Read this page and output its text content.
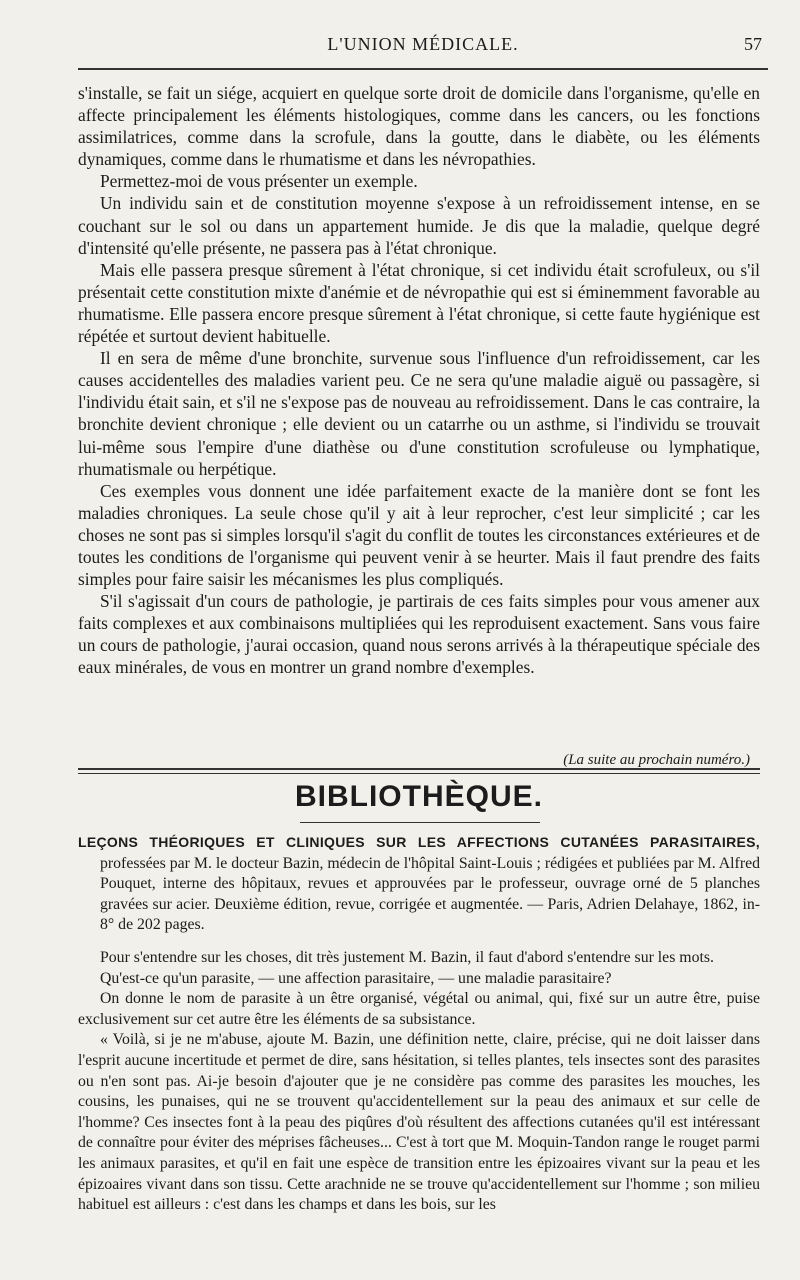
L'UNION MÉDICALE.	57

s'installe, se fait un siége, acquiert en quelque sorte droit de domicile dans l'organisme, qu'elle en affecte principalement les éléments histologiques, comme dans les cancers, ou les fonctions assimilatrices, comme dans la scrofule, dans la goutte, dans le diabète, ou les éléments dynamiques, comme dans le rhumatisme et dans les névropathies.

Permettez-moi de vous présenter un exemple.

Un individu sain et de constitution moyenne s'expose à un refroidissement intense, en se couchant sur le sol ou dans un appartement humide. Je dis que la maladie, quelque degré d'intensité qu'elle présente, ne passera pas à l'état chronique.

Mais elle passera presque sûrement à l'état chronique, si cet individu était scrofuleux, ou s'il présentait cette constitution mixte d'anémie et de névropathie qui est si éminemment favorable au rhumatisme. Elle passera encore presque sûrement à l'état chronique, si cette faute hygiénique est répétée et surtout devient habituelle.

Il en sera de même d'une bronchite, survenue sous l'influence d'un refroidissement, car les causes accidentelles des maladies varient peu. Ce ne sera qu'une maladie aiguë ou passagère, si l'individu était sain, et s'il ne s'expose pas de nouveau au refroidissement. Dans le cas contraire, la bronchite devient chronique ; elle devient ou un catarrhe ou un asthme, si l'individu se trouvait lui-même sous l'empire d'une diathèse ou d'une constitution scrofuleuse ou lymphatique, rhumatismale ou herpétique.

Ces exemples vous donnent une idée parfaitement exacte de la manière dont se font les maladies chroniques. La seule chose qu'il y ait à leur reprocher, c'est leur simplicité ; car les choses ne sont pas si simples lorsqu'il s'agit du conflit de toutes les circonstances extérieures et de toutes les conditions de l'organisme qui peuvent venir à se heurter. Mais il faut prendre des faits simples pour faire saisir les mécanismes les plus compliqués.

S'il s'agissait d'un cours de pathologie, je partirais de ces faits simples pour vous amener aux faits complexes et aux combinaisons multipliées qui les reproduisent exactement. Sans vous faire un cours de pathologie, j'aurai occasion, quand nous serons arrivés à la thérapeutique spéciale des eaux minérales, de vous en montrer un grand nombre d'exemples.

(La suite au prochain numéro.)
BIBLIOTHÈQUE.

LEÇONS THÉORIQUES ET CLINIQUES SUR LES AFFECTIONS CUTANÉES PARASITAIRES, professées par M. le docteur Bazin, médecin de l'hôpital Saint-Louis ; rédigées et publiées par M. Alfred Pouquet, interne des hôpitaux, revues et approuvées par le professeur, ouvrage orné de 5 planches gravées sur acier. Deuxième édition, revue, corrigée et augmentée. — Paris, Adrien Delahaye, 1862, in-8° de 202 pages.

Pour s'entendre sur les choses, dit très justement M. Bazin, il faut d'abord s'entendre sur les mots.

Qu'est-ce qu'un parasite, — une affection parasitaire, — une maladie parasitaire?

On donne le nom de parasite à un être organisé, végétal ou animal, qui, fixé sur un autre être, puise exclusivement sur cet autre être les éléments de sa subsistance.

« Voilà, si je ne m'abuse, ajoute M. Bazin, une définition nette, claire, précise, qui ne doit laisser dans l'esprit aucune incertitude et permet de dire, sans hésitation, si telles plantes, tels insectes sont des parasites ou n'en sont pas. Ai-je besoin d'ajouter que je ne considère pas comme des parasites les mouches, les cousins, les punaises, qui ne se trouvent qu'accidentellement sur la peau des animaux et sur celle de l'homme? Ces insectes font à la peau des piqûres d'où résultent des affections cutanées qu'il est intéressant de connaître pour éviter des méprises fâcheuses... C'est à tort que M. Moquin-Tandon range le rouget parmi les animaux parasites, et qu'il en fait une espèce de transition entre les épizoaires vivant sur la peau et les épizoaires vivant dans son tissu. Cette arachnide ne se trouve qu'accidentellement sur l'homme ; son milieu habituel est ailleurs : c'est dans les champs et dans les bois, sur les
